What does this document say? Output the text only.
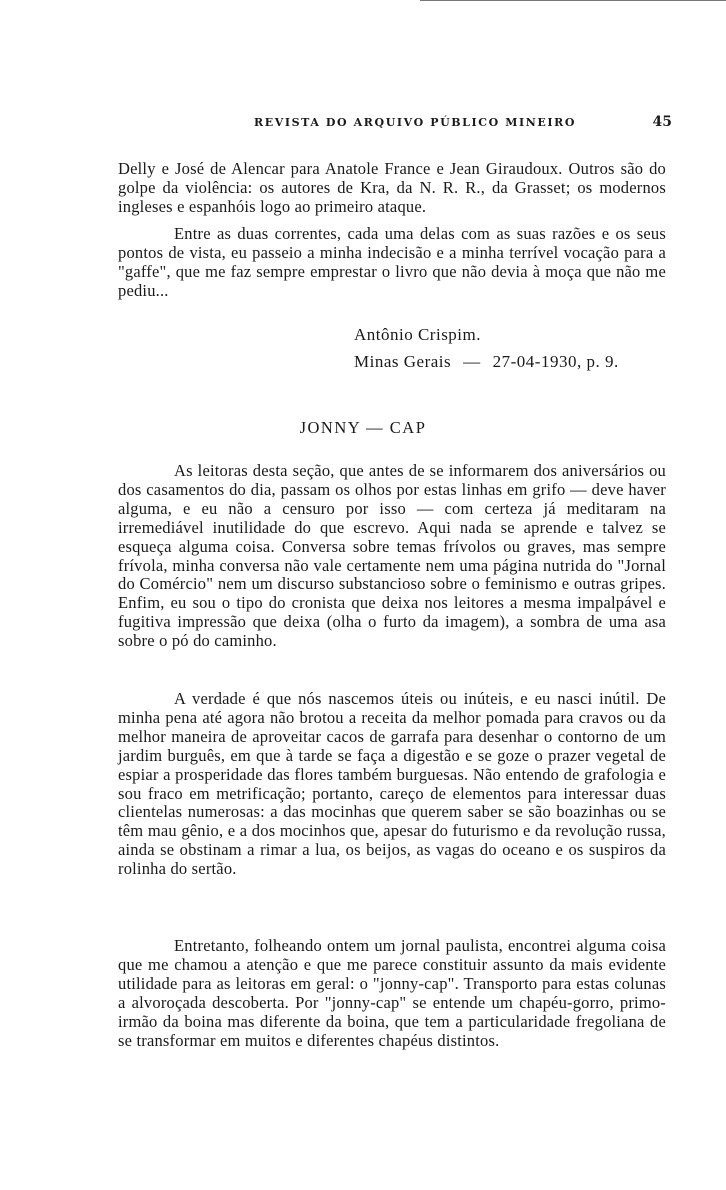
REVISTA DO ARQUIVO PÚBLICO MINEIRO	45

Delly e José de Alencar para Anatole France e Jean Giraudoux. Outros são do golpe da violência: os autores de Kra, da N. R. R., da Grasset; os modernos ingleses e espanhóis logo ao primeiro ataque.

Entre as duas correntes, cada uma delas com as suas razões e os seus pontos de vista, eu passeio a minha indecisão e a minha terrível vocação para a "gaffe", que me faz sempre emprestar o livro que não devia à moça que não me pediu...

Antônio Crispim.
Minas Gerais — 27-04-1930, p. 9.
JONNY — CAP

As leitoras desta seção, que antes de se informarem dos aniversários ou dos casamentos do dia, passam os olhos por estas linhas em grifo — deve haver alguma, e eu não a censuro por isso — com certeza já meditaram na irremediável inutilidade do que escrevo. Aqui nada se aprende e talvez se esqueça alguma coisa. Conversa sobre temas frívolos ou graves, mas sempre frívola, minha conversa não vale certamente nem uma página nutrida do "Jornal do Comércio" nem um discurso substancioso sobre o feminismo e outras gripes. Enfim, eu sou o tipo do cronista que deixa nos leitores a mesma impalpável e fugitiva impressão que deixa (olha o furto da imagem), a sombra de uma asa sobre o pó do caminho.

A verdade é que nós nascemos úteis ou inúteis, e eu nasci inútil. De minha pena até agora não brotou a receita da melhor pomada para cravos ou da melhor maneira de aproveitar cacos de garrafa para desenhar o contorno de um jardim burguês, em que à tarde se faça a digestão e se goze o prazer vegetal de espiar a prosperidade das flores também burguesas. Não entendo de grafologia e sou fraco em metrificação; portanto, careço de elementos para interessar duas clientelas numerosas: a das mocinhas que querem saber se são boazinhas ou se têm mau gênio, e a dos mocinhos que, apesar do futurismo e da revolução russa, ainda se obstinam a rimar a lua, os beijos, as vagas do oceano e os suspiros da rolinha do sertão.

Entretanto, folheando ontem um jornal paulista, encontrei alguma coisa que me chamou a atenção e que me parece constituir assunto da mais evidente utilidade para as leitoras em geral: o "jonny-cap". Transporto para estas colunas a alvoroçada descoberta. Por "jonny-cap" se entende um chapéu-gorro, primo-irmão da boina mas diferente da boina, que tem a particularidade fregoliana de se transformar em muitos e diferentes chapéus distintos.
